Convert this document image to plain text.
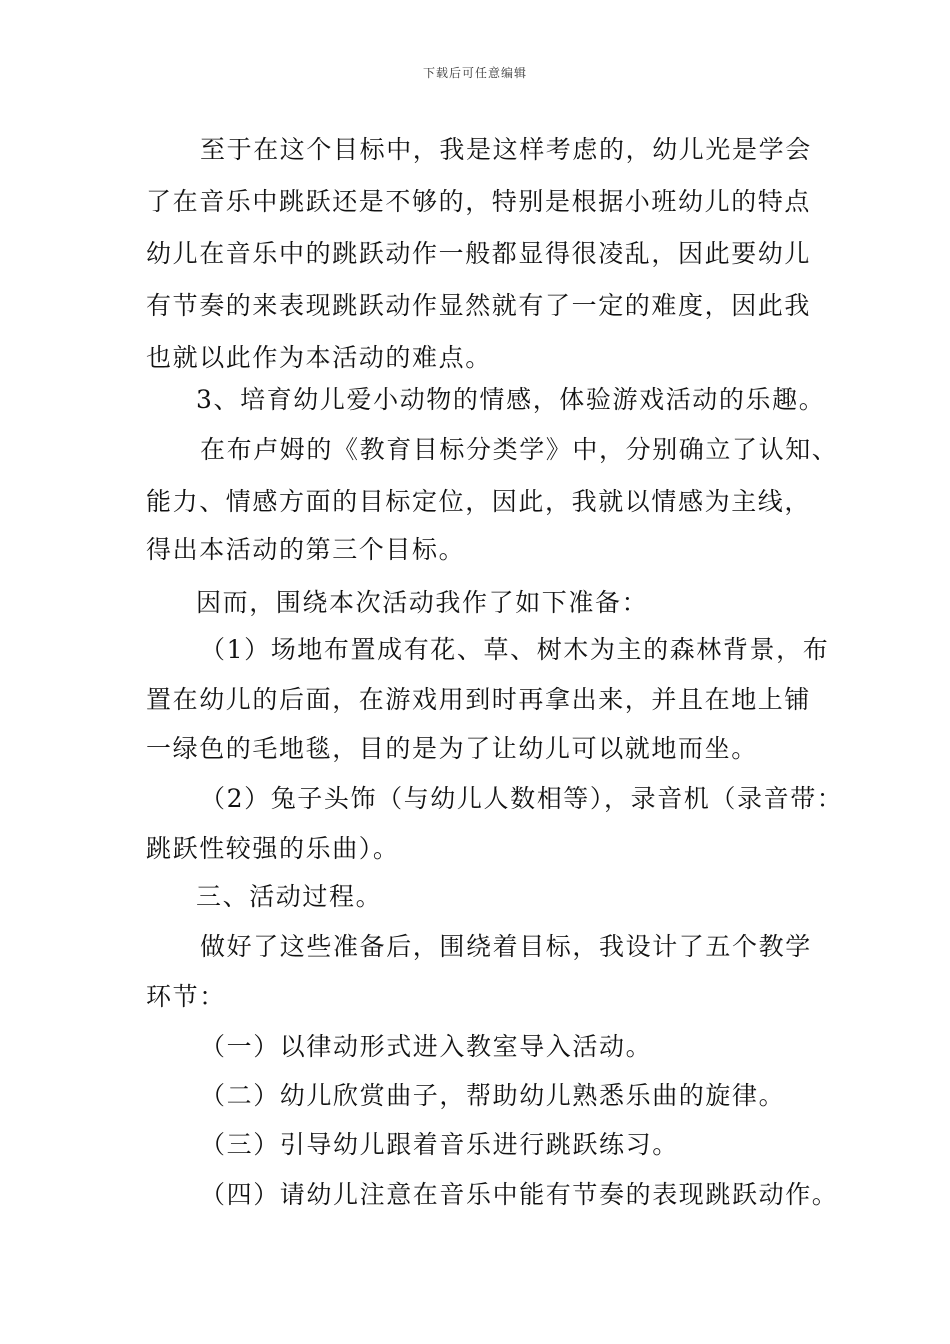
下载后可任意编辑
至于在这个目标中，我是这样考虑的，幼儿光是学会
了在音乐中跳跃还是不够的，特别是根据小班幼儿的特点
幼儿在音乐中的跳跃动作一般都显得很凌乱，因此要幼儿
有节奏的来表现跳跃动作显然就有了一定的难度，因此我
也就以此作为本活动的难点。
3、培育幼儿爱小动物的情感，体验游戏活动的乐趣。
在布卢姆的《教育目标分类学》中，分别确立了认知、
能力、情感方面的目标定位，因此，我就以情感为主线，
得出本活动的第三个目标。
因而，围绕本次活动我作了如下准备：
（1）场地布置成有花、草、树木为主的森林背景，布
置在幼儿的后面，在游戏用到时再拿出来，并且在地上铺
一绿色的毛地毯，目的是为了让幼儿可以就地而坐。
（2）兔子头饰（与幼儿人数相等），录音机（录音带：
跳跃性较强的乐曲）。
三、活动过程。
做好了这些准备后，围绕着目标，我设计了五个教学
环节：
（一）以律动形式进入教室导入活动。
（二）幼儿欣赏曲子，帮助幼儿熟悉乐曲的旋律。
（三）引导幼儿跟着音乐进行跳跃练习。
（四）请幼儿注意在音乐中能有节奏的表现跳跃动作。
